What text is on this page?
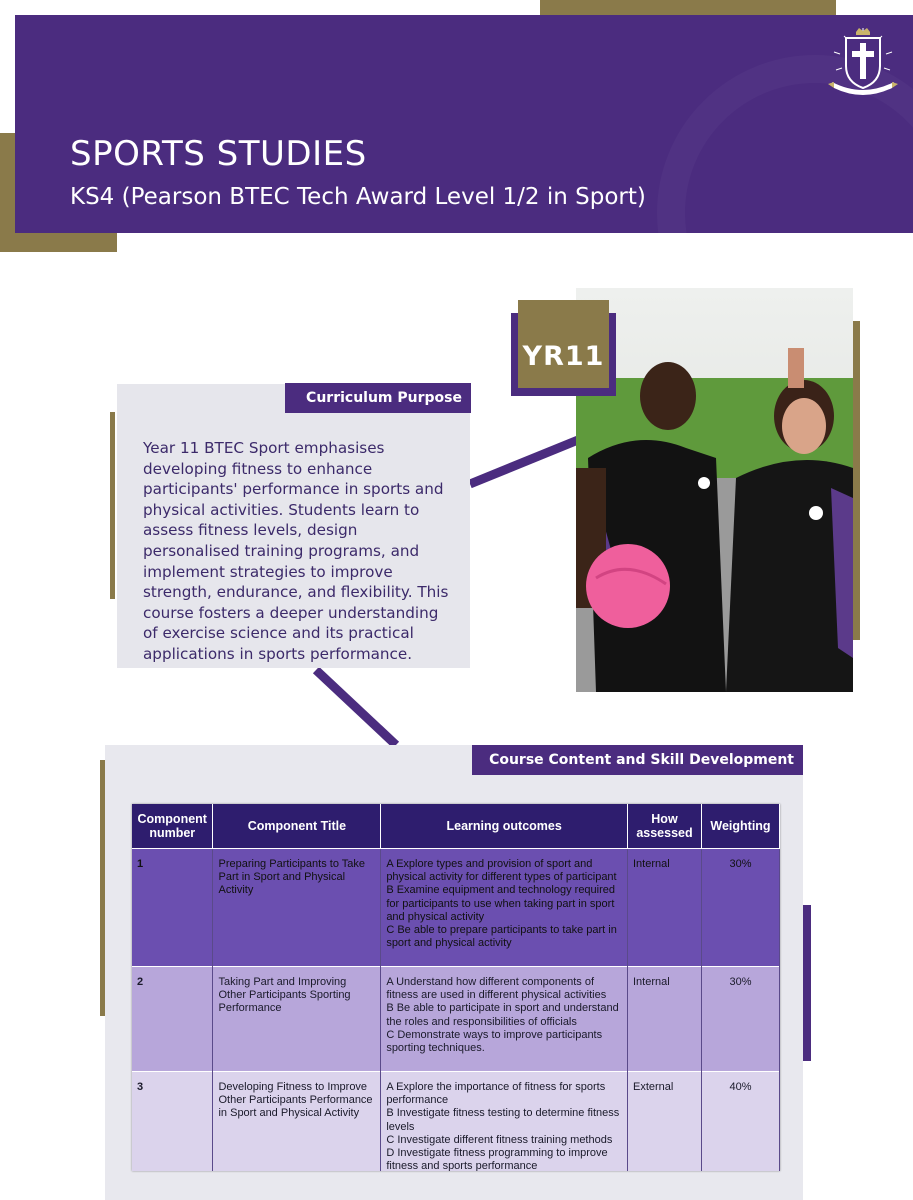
SPORTS STUDIES
KS4 (Pearson BTEC Tech Award Level 1/2 in Sport)
Curriculum Purpose
Year 11 BTEC Sport emphasises developing fitness to enhance participants' performance in sports and physical activities. Students learn to assess fitness levels, design personalised training programs, and implement strategies to improve strength, endurance, and flexibility. This course fosters a deeper understanding of exercise science and its practical applications in sports performance.
YR11
Course Content and Skill Development
Component number	Component Title	Learning outcomes	How assessed	Weighting
1	Preparing Participants to Take Part in Sport and Physical Activity	A Explore types and provision of sport and physical activity for different types of participant
B Examine equipment and technology required for participants to use when taking part in sport and physical activity
C Be able to prepare participants to take part in sport and physical activity	Internal	30%
2	Taking Part and Improving Other Participants Sporting Performance	A Understand how different components of fitness are used in different physical activities
B Be able to participate in sport and understand the roles and responsibilities of officials
C Demonstrate ways to improve participants sporting techniques.	Internal	30%
3	Developing Fitness to Improve Other Participants Performance in Sport and Physical Activity	A Explore the importance of fitness for sports performance
B Investigate fitness testing to determine fitness levels
C Investigate different fitness training methods
D Investigate fitness programming to improve fitness and sports performance	External	40%
